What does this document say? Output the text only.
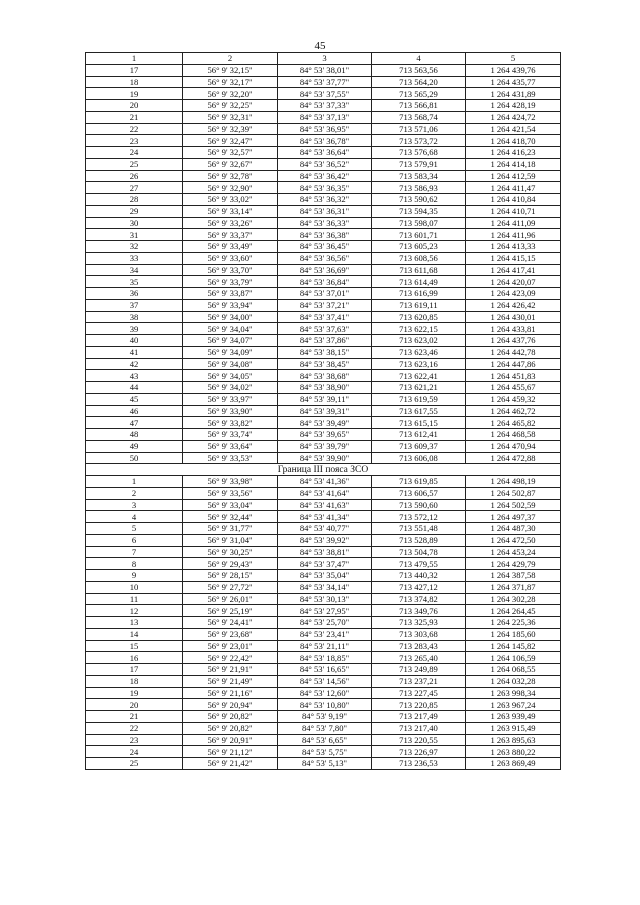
45
1	2	3	4	5
17	56° 9' 32,15"	84° 53' 38,01"	713 563,56	1 264 439,76
18	56° 9' 32,17"	84° 53' 37,77"	713 564,20	1 264 435,77
19	56° 9' 32,20"	84° 53' 37,55"	713 565,29	1 264 431,89
20	56° 9' 32,25"	84° 53' 37,33"	713 566,81	1 264 428,19
21	56° 9' 32,31"	84° 53' 37,13"	713 568,74	1 264 424,72
22	56° 9' 32,39"	84° 53' 36,95"	713 571,06	1 264 421,54
23	56° 9' 32,47"	84° 53' 36,78"	713 573,72	1 264 418,70
24	56° 9' 32,57"	84° 53' 36,64"	713 576,68	1 264 416,23
25	56° 9' 32,67"	84° 53' 36,52"	713 579,91	1 264 414,18
26	56° 9' 32,78"	84° 53' 36,42"	713 583,34	1 264 412,59
27	56° 9' 32,90"	84° 53' 36,35"	713 586,93	1 264 411,47
28	56° 9' 33,02"	84° 53' 36,32"	713 590,62	1 264 410,84
29	56° 9' 33,14"	84° 53' 36,31"	713 594,35	1 264 410,71
30	56° 9' 33,26"	84° 53' 36,33"	713 598,07	1 264 411,09
31	56° 9' 33,37"	84° 53' 36,38"	713 601,71	1 264 411,96
32	56° 9' 33,49"	84° 53' 36,45"	713 605,23	1 264 413,33
33	56° 9' 33,60"	84° 53' 36,56"	713 608,56	1 264 415,15
34	56° 9' 33,70"	84° 53' 36,69"	713 611,68	1 264 417,41
35	56° 9' 33,79"	84° 53' 36,84"	713 614,49	1 264 420,07
36	56° 9' 33,87"	84° 53' 37,01"	713 616,99	1 264 423,09
37	56° 9' 33,94"	84° 53' 37,21"	713 619,11	1 264 426,42
38	56° 9' 34,00"	84° 53' 37,41"	713 620,85	1 264 430,01
39	56° 9' 34,04"	84° 53' 37,63"	713 622,15	1 264 433,81
40	56° 9' 34,07"	84° 53' 37,86"	713 623,02	1 264 437,76
41	56° 9' 34,09"	84° 53' 38,15"	713 623,46	1 264 442,78
42	56° 9' 34,08"	84° 53' 38,45"	713 623,16	1 264 447,86
43	56° 9' 34,05"	84° 53' 38,68"	713 622,41	1 264 451,83
44	56° 9' 34,02"	84° 53' 38,90"	713 621,21	1 264 455,67
45	56° 9' 33,97"	84° 53' 39,11"	713 619,59	1 264 459,32
46	56° 9' 33,90"	84° 53' 39,31"	713 617,55	1 264 462,72
47	56° 9' 33,82"	84° 53' 39,49"	713 615,15	1 264 465,82
48	56° 9' 33,74"	84° 53' 39,65"	713 612,41	1 264 468,58
49	56° 9' 33,64"	84° 53' 39,79"	713 609,37	1 264 470,94
50	56° 9' 33,53"	84° 53' 39,90"	713 606,08	1 264 472,88
Граница III пояса ЗСО				
1	56° 9' 33,98"	84° 53' 41,36"	713 619,85	1 264 498,19
2	56° 9' 33,56"	84° 53' 41,64"	713 606,57	1 264 502,87
3	56° 9' 33,04"	84° 53' 41,63"	713 590,60	1 264 502,59
4	56° 9' 32,44"	84° 53' 41,34"	713 572,12	1 264 497,37
5	56° 9' 31,77"	84° 53' 40,77"	713 551,48	1 264 487,30
6	56° 9' 31,04"	84° 53' 39,92"	713 528,89	1 264 472,50
7	56° 9' 30,25"	84° 53' 38,81"	713 504,78	1 264 453,24
8	56° 9' 29,43"	84° 53' 37,47"	713 479,55	1 264 429,79
9	56° 9' 28,15"	84° 53' 35,04"	713 440,32	1 264 387,58
10	56° 9' 27,72"	84° 53' 34,14"	713 427,12	1 264 371,87
11	56° 9' 26,01"	84° 53' 30,13"	713 374,82	1 264 302,28
12	56° 9' 25,19"	84° 53' 27,95"	713 349,76	1 264 264,45
13	56° 9' 24,41"	84° 53' 25,70"	713 325,93	1 264 225,36
14	56° 9' 23,68"	84° 53' 23,41"	713 303,68	1 264 185,60
15	56° 9' 23,01"	84° 53' 21,11"	713 283,43	1 264 145,82
16	56° 9' 22,42"	84° 53' 18,85"	713 265,40	1 264 106,59
17	56° 9' 21,91"	84° 53' 16,65"	713 249,89	1 264 068,55
18	56° 9' 21,49"	84° 53' 14,56"	713 237,21	1 264 032,28
19	56° 9' 21,16"	84° 53' 12,60"	713 227,45	1 263 998,34
20	56° 9' 20,94"	84° 53' 10,80"	713 220,85	1 263 967,24
21	56° 9' 20,82"	84° 53' 9,19"	713 217,49	1 263 939,49
22	56° 9' 20,82"	84° 53' 7,80"	713 217,40	1 263 915,49
23	56° 9' 20,91"	84° 53' 6,65"	713 220,55	1 263 895,63
24	56° 9' 21,12"	84° 53' 5,75"	713 226,97	1 263 880,22
25	56° 9' 21,42"	84° 53' 5,13"	713 236,53	1 263 869,49
